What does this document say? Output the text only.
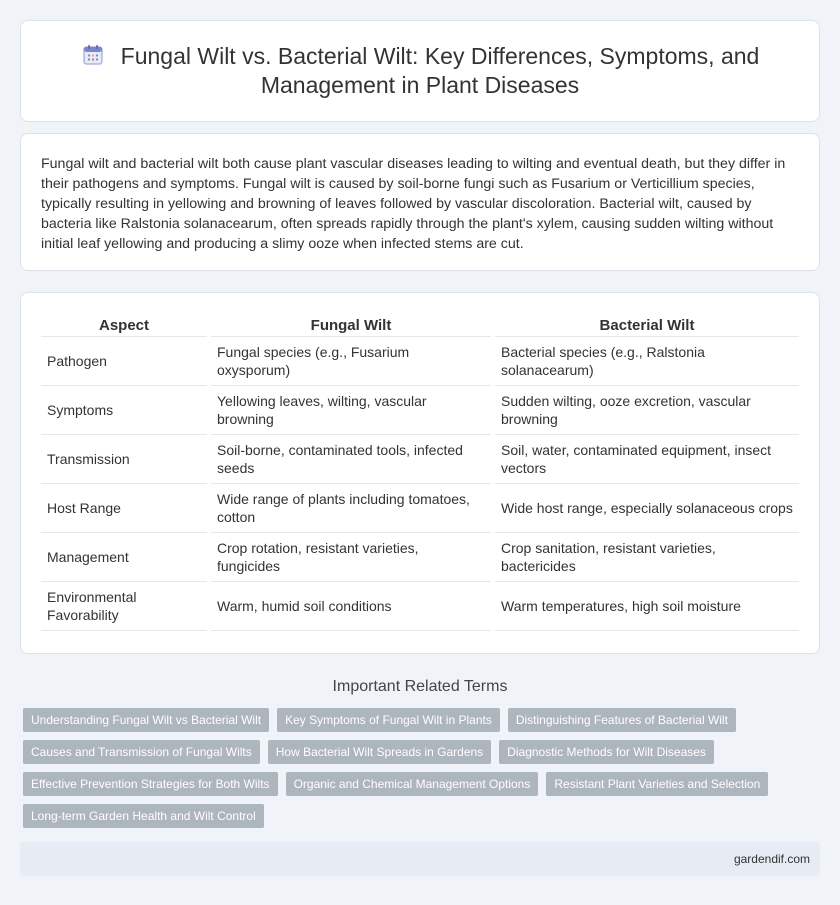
Fungal Wilt vs. Bacterial Wilt: Key Differences, Symptoms, and Management in Plant Diseases

Fungal wilt and bacterial wilt both cause plant vascular diseases leading to wilting and eventual death, but they differ in their pathogens and symptoms. Fungal wilt is caused by soil-borne fungi such as Fusarium or Verticillium species, typically resulting in yellowing and browning of leaves followed by vascular discoloration. Bacterial wilt, caused by bacteria like Ralstonia solanacearum, often spreads rapidly through the plant's xylem, causing sudden wilting without initial leaf yellowing and producing a slimy ooze when infected stems are cut.

Aspect	Fungal Wilt	Bacterial Wilt
Pathogen	Fungal species (e.g., Fusarium oxysporum)	Bacterial species (e.g., Ralstonia solanacearum)
Symptoms	Yellowing leaves, wilting, vascular browning	Sudden wilting, ooze excretion, vascular browning
Transmission	Soil-borne, contaminated tools, infected seeds	Soil, water, contaminated equipment, insect vectors
Host Range	Wide range of plants including tomatoes, cotton	Wide host range, especially solanaceous crops
Management	Crop rotation, resistant varieties, fungicides	Crop sanitation, resistant varieties, bactericides
Environmental Favorability	Warm, humid soil conditions	Warm temperatures, high soil moisture
Important Related Terms
Understanding Fungal Wilt vs Bacterial Wilt	Key Symptoms of Fungal Wilt in Plants	Distinguishing Features of Bacterial Wilt
Causes and Transmission of Fungal Wilts	How Bacterial Wilt Spreads in Gardens	Diagnostic Methods for Wilt Diseases
Effective Prevention Strategies for Both Wilts	Organic and Chemical Management Options	Resistant Plant Varieties and Selection
Long-term Garden Health and Wilt Control
gardendif.com
